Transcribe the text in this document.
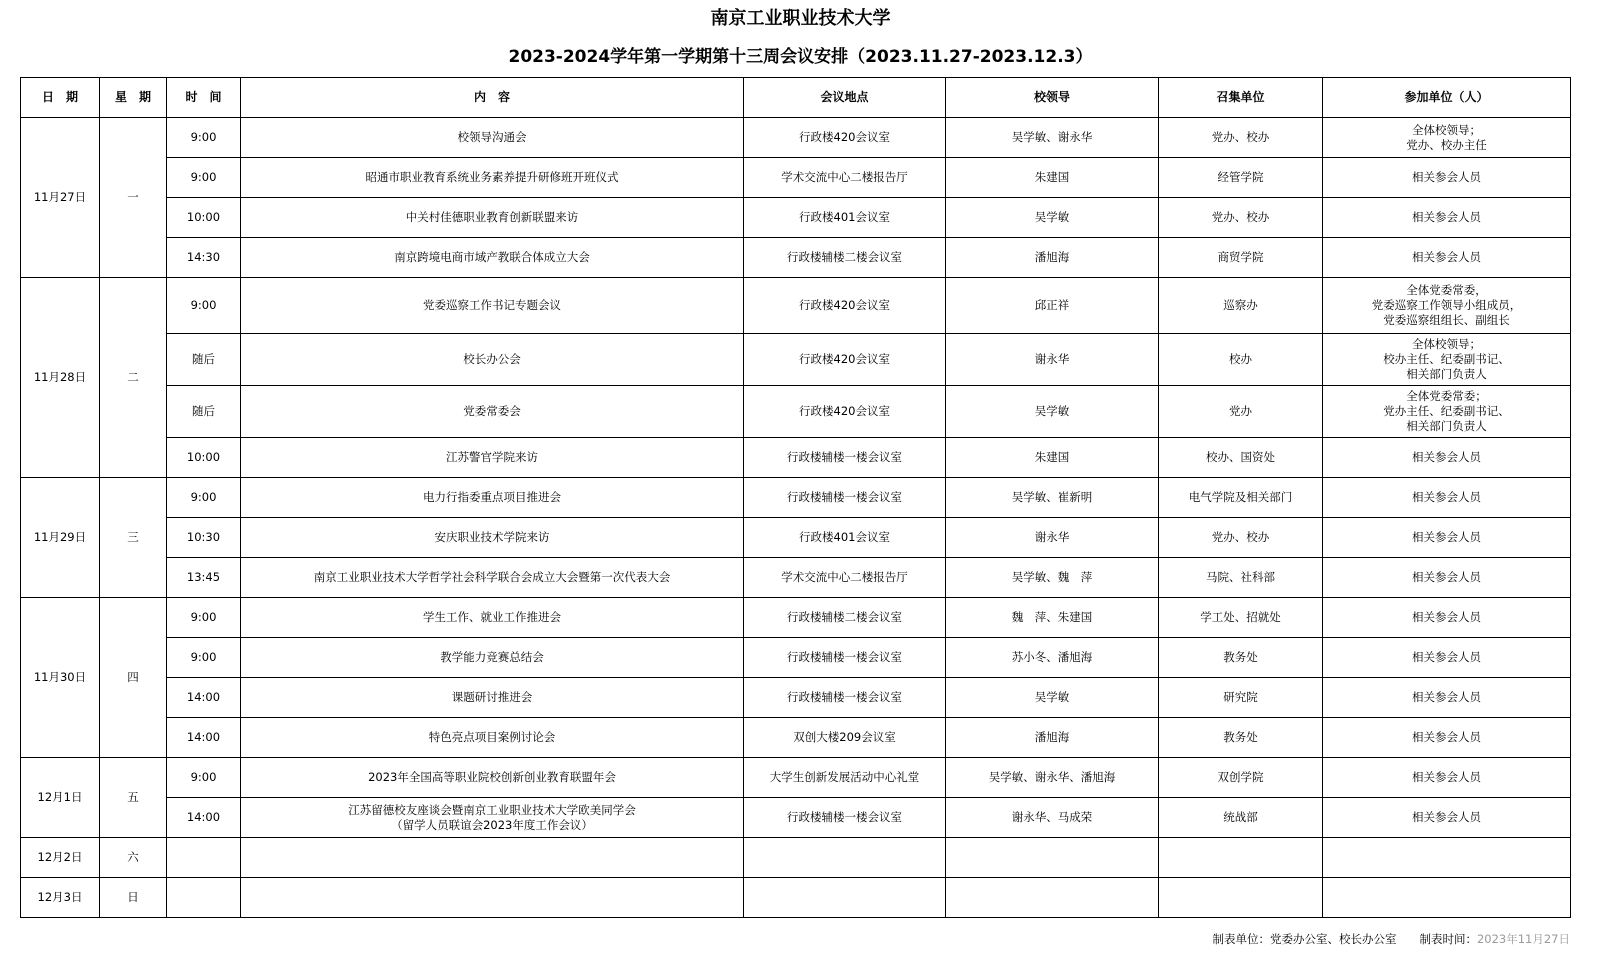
南京工业职业技术大学
2023-2024学年第一学期第十三周会议安排（2023.11.27-2023.12.3）
日　期	星　期	时　间	内　容	会议地点	校领导	召集单位	参加单位（人）
11月27日	一	9:00	校领导沟通会	行政楼420会议室	吴学敏、谢永华	党办、校办	全体校领导；
党办、校办主任
		9:00	昭通市职业教育系统业务素养提升研修班开班仪式	学术交流中心二楼报告厅	朱建国	经管学院	相关参会人员
		10:00	中关村佳德职业教育创新联盟来访	行政楼401会议室	吴学敏	党办、校办	相关参会人员
		14:30	南京跨境电商市域产教联合体成立大会	行政楼辅楼二楼会议室	潘旭海	商贸学院	相关参会人员
11月28日	二	9:00	党委巡察工作书记专题会议	行政楼420会议室	邱正祥	巡察办	全体党委常委，
党委巡察工作领导小组成员，
党委巡察组组长、副组长
		随后	校长办公会	行政楼420会议室	谢永华	校办	全体校领导；
校办主任、纪委副书记、
相关部门负责人
		随后	党委常委会	行政楼420会议室	吴学敏	党办	全体党委常委；
党办主任、纪委副书记、
相关部门负责人
		10:00	江苏警官学院来访	行政楼辅楼一楼会议室	朱建国	校办、国资处	相关参会人员
11月29日	三	9:00	电力行指委重点项目推进会	行政楼辅楼一楼会议室	吴学敏、崔新明	电气学院及相关部门	相关参会人员
		10:30	安庆职业技术学院来访	行政楼401会议室	谢永华	党办、校办	相关参会人员
		13:45	南京工业职业技术大学哲学社会科学联合会成立大会暨第一次代表大会	学术交流中心二楼报告厅	吴学敏、魏　萍	马院、社科部	相关参会人员
11月30日	四	9:00	学生工作、就业工作推进会	行政楼辅楼二楼会议室	魏　萍、朱建国	学工处、招就处	相关参会人员
		9:00	教学能力竞赛总结会	行政楼辅楼一楼会议室	苏小冬、潘旭海	教务处	相关参会人员
		14:00	课题研讨推进会	行政楼辅楼一楼会议室	吴学敏	研究院	相关参会人员
		14:00	特色亮点项目案例讨论会	双创大楼209会议室	潘旭海	教务处	相关参会人员
12月1日	五	9:00	2023年全国高等职业院校创新创业教育联盟年会	大学生创新发展活动中心礼堂	吴学敏、谢永华、潘旭海	双创学院	相关参会人员
		14:00	江苏留德校友座谈会暨南京工业职业技术大学欧美同学会
（留学人员联谊会2023年度工作会议）	行政楼辅楼一楼会议室	谢永华、马成荣	统战部	相关参会人员
12月2日	六						
12月3日	日						
制表单位：党委办公室、校长办公室　　制表时间：2023年11月27日
